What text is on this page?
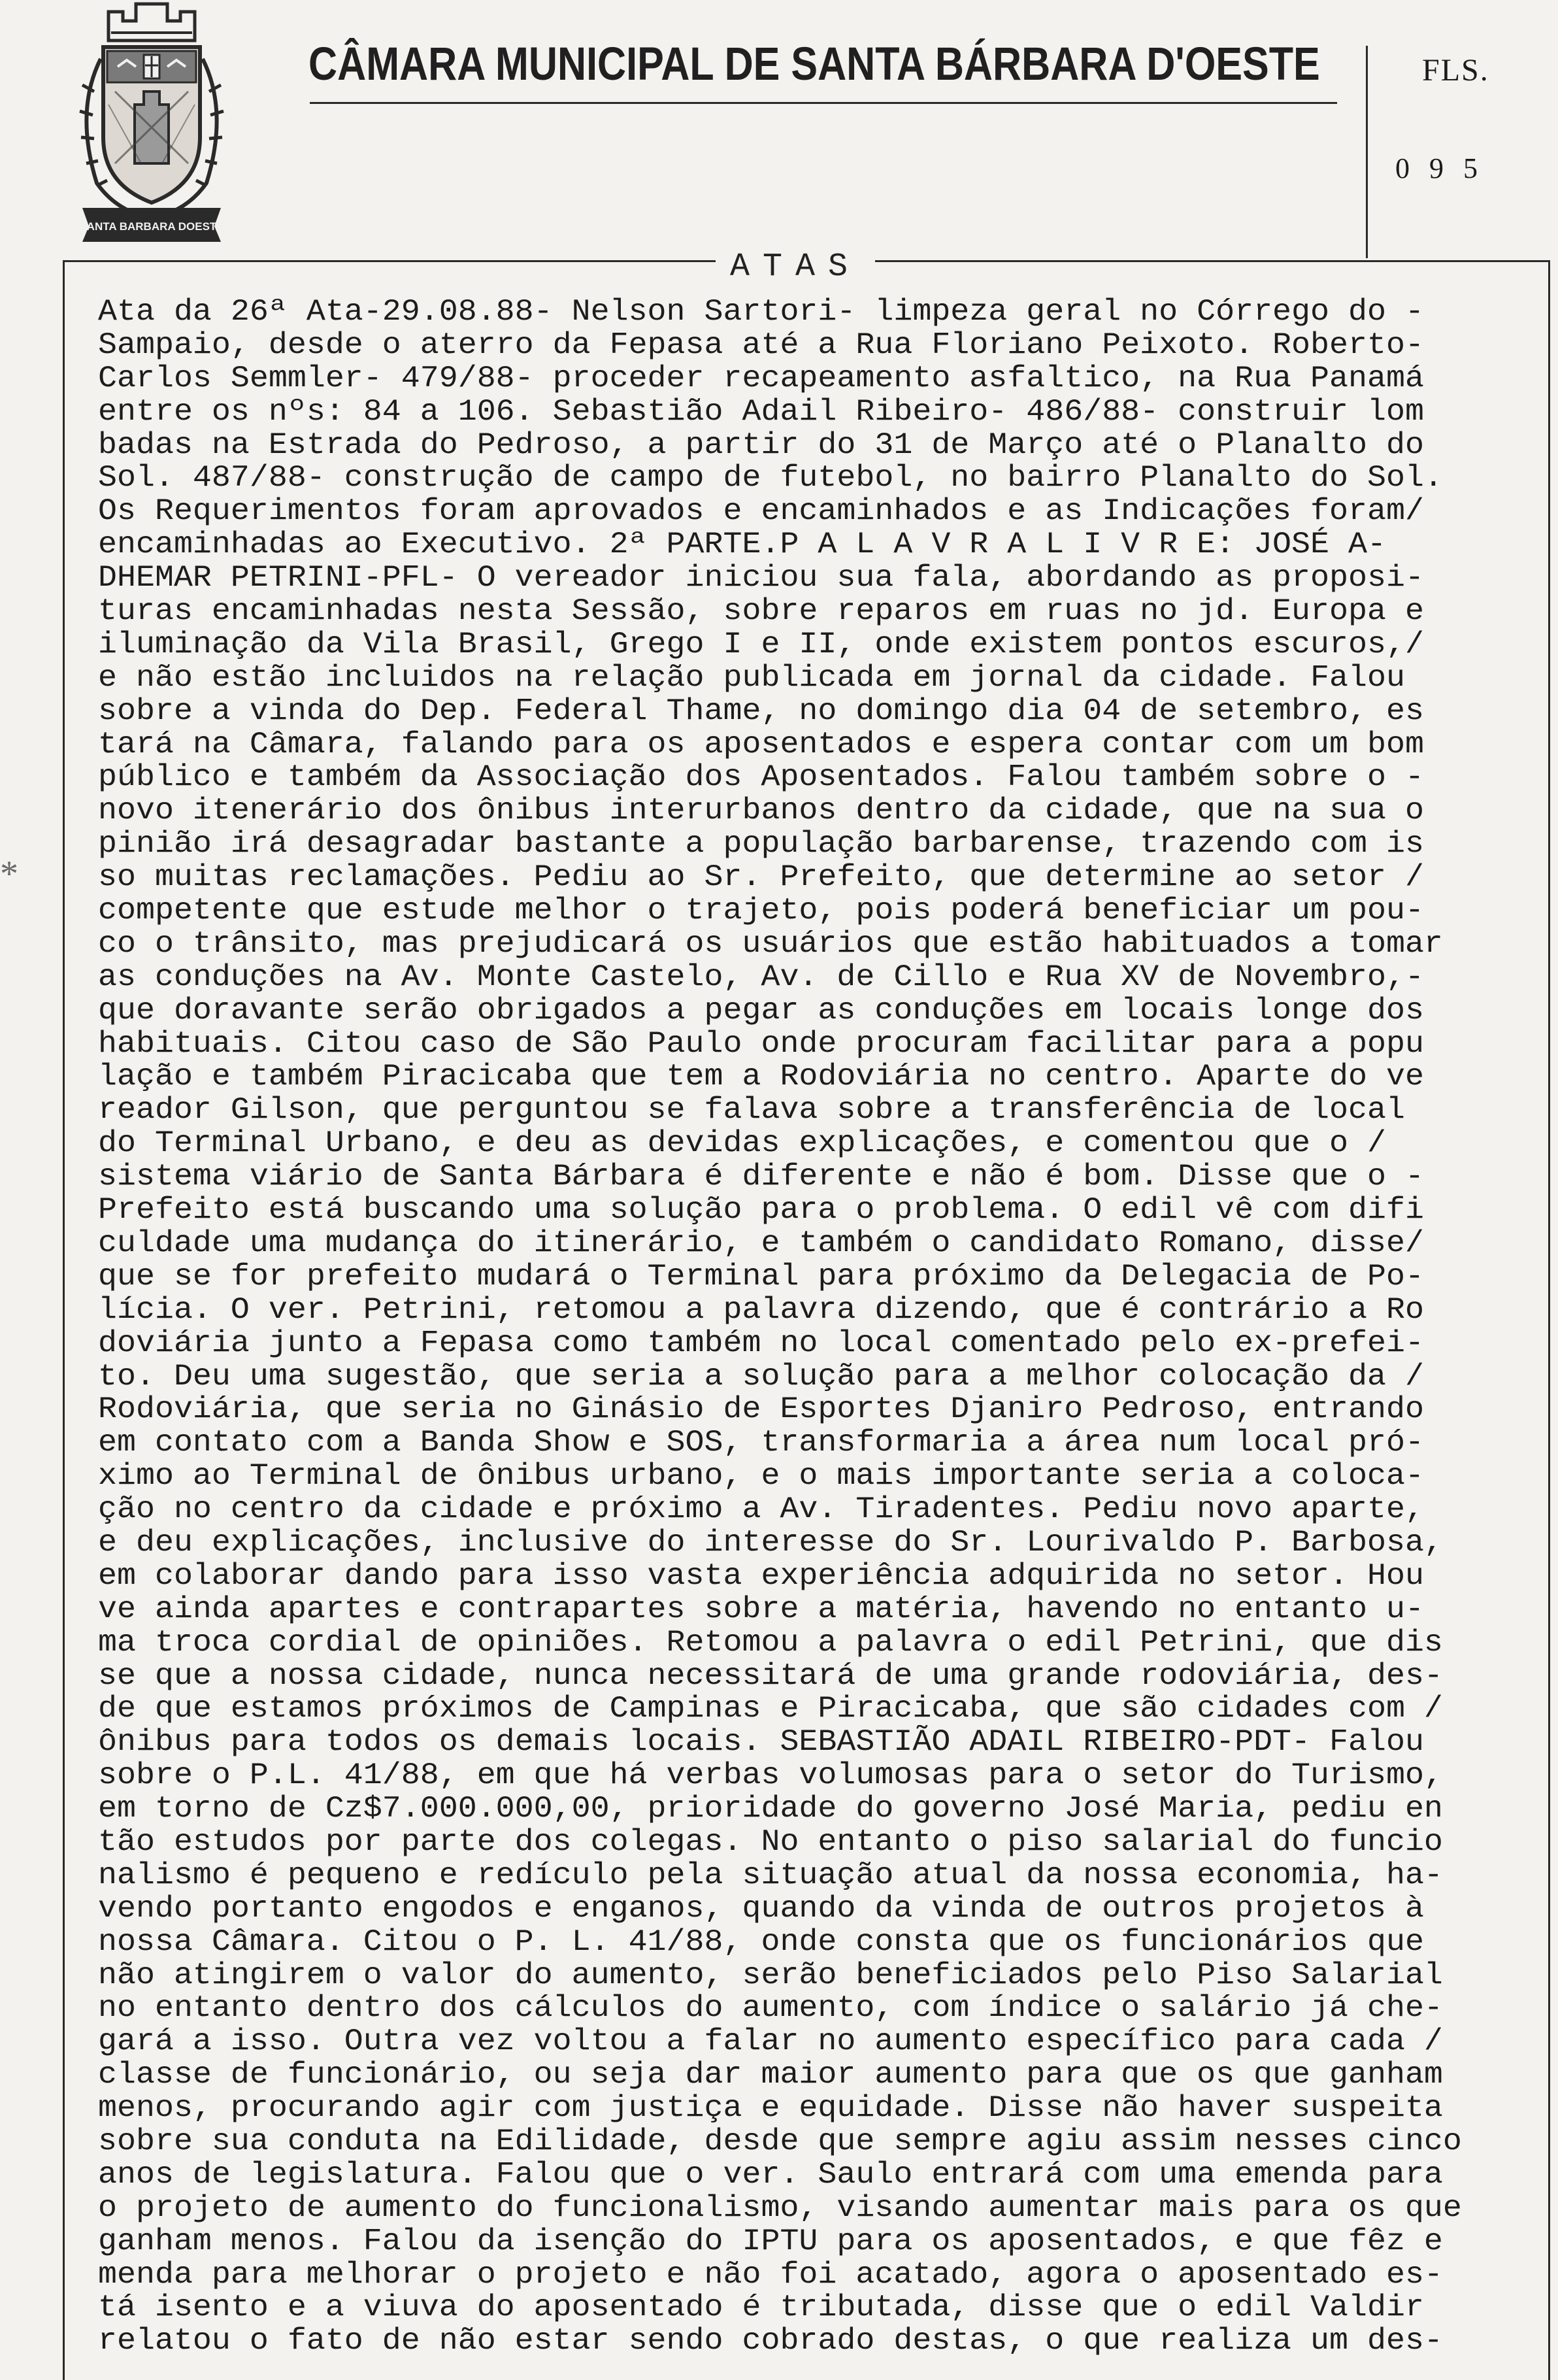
SANTA BARBARA DOESTE
CÂMARA MUNICIPAL DE SANTA BÁRBARA D'OESTE	FLS.
095
ATAS
Ata da 26ª Ata-29.08.88- Nelson Sartori- limpeza geral no Córrego do -
Sampaio, desde o aterro da Fepasa até a Rua Floriano Peixoto. Roberto-
Carlos Semmler- 479/88- proceder recapeamento asfaltico, na Rua Panamá
entre os nºs: 84 a 106. Sebastião Adail Ribeiro- 486/88- construir lom
badas na Estrada do Pedroso, a partir do 31 de Março até o Planalto do
Sol. 487/88- construção de campo de futebol, no bairro Planalto do Sol.
Os Requerimentos foram aprovados e encaminhados e as Indicações foram/
encaminhadas ao Executivo. 2ª PARTE.P A L A V R A L I V R E: JOSÉ A-
DHEMAR PETRINI-PFL- O vereador iniciou sua fala, abordando as proposi-
turas encaminhadas nesta Sessão, sobre reparos em ruas no jd. Europa e
iluminação da Vila Brasil, Grego I e II, onde existem pontos escuros,/
e não estão incluidos na relação publicada em jornal da cidade. Falou
sobre a vinda do Dep. Federal Thame, no domingo dia 04 de setembro, es
tará na Câmara, falando para os aposentados e espera contar com um bom
público e também da Associação dos Aposentados. Falou também sobre o -
novo itenerário dos ônibus interurbanos dentro da cidade, que na sua o
pinião irá desagradar bastante a população barbarense, trazendo com is
so muitas reclamações. Pediu ao Sr. Prefeito, que determine ao setor /
competente que estude melhor o trajeto, pois poderá beneficiar um pou-
co o trânsito, mas prejudicará os usuários que estão habituados a tomar
as conduções na Av. Monte Castelo, Av. de Cillo e Rua XV de Novembro,-
que doravante serão obrigados a pegar as conduções em locais longe dos
habituais. Citou caso de São Paulo onde procuram facilitar para a popu
lação e também Piracicaba que tem a Rodoviária no centro. Aparte do ve
reador Gilson, que perguntou se falava sobre a transferência de local
do Terminal Urbano, e deu as devidas explicações, e comentou que o /
sistema viário de Santa Bárbara é diferente e não é bom. Disse que o -
Prefeito está buscando uma solução para o problema. O edil vê com difi
culdade uma mudança do itinerário, e também o candidato Romano, disse/
que se for prefeito mudará o Terminal para próximo da Delegacia de Po-
lícia. O ver. Petrini, retomou a palavra dizendo, que é contrário a Ro
doviária junto a Fepasa como também no local comentado pelo ex-prefei-
to. Deu uma sugestão, que seria a solução para a melhor colocação da /
Rodoviária, que seria no Ginásio de Esportes Djaniro Pedroso, entrando
em contato com a Banda Show e SOS, transformaria a área num local pró-
ximo ao Terminal de ônibus urbano, e o mais importante seria a coloca-
ção no centro da cidade e próximo a Av. Tiradentes. Pediu novo aparte,
e deu explicações, inclusive do interesse do Sr. Lourivaldo P. Barbosa,
em colaborar dando para isso vasta experiência adquirida no setor. Hou
ve ainda apartes e contrapartes sobre a matéria, havendo no entanto u-
ma troca cordial de opiniões. Retomou a palavra o edil Petrini, que dis
se que a nossa cidade, nunca necessitará de uma grande rodoviária, des-
de que estamos próximos de Campinas e Piracicaba, que são cidades com /
ônibus para todos os demais locais. SEBASTIÃO ADAIL RIBEIRO-PDT- Falou
sobre o P.L. 41/88, em que há verbas volumosas para o setor do Turismo,
em torno de Cz$7.000.000,00, prioridade do governo José Maria, pediu en
tão estudos por parte dos colegas. No entanto o piso salarial do funcio
nalismo é pequeno e redículo pela situação atual da nossa economia, ha-
vendo portanto engodos e enganos, quando da vinda de outros projetos à
nossa Câmara. Citou o P. L. 41/88, onde consta que os funcionários que
não atingirem o valor do aumento, serão beneficiados pelo Piso Salarial
no entanto dentro dos cálculos do aumento, com índice o salário já che-
gará a isso. Outra vez voltou a falar no aumento específico para cada /
classe de funcionário, ou seja dar maior aumento para que os que ganham
menos, procurando agir com justiça e equidade. Disse não haver suspeita
sobre sua conduta na Edilidade, desde que sempre agiu assim nesses cinco
anos de legislatura. Falou que o ver. Saulo entrará com uma emenda para
o projeto de aumento do funcionalismo, visando aumentar mais para os que
ganham menos. Falou da isenção do IPTU para os aposentados, e que fêz e
menda para melhorar o projeto e não foi acatado, agora o aposentado es-
tá isento e a viuva do aposentado é tributada, disse que o edil Valdir
relatou o fato de não estar sendo cobrado destas, o que realiza um des-
*
